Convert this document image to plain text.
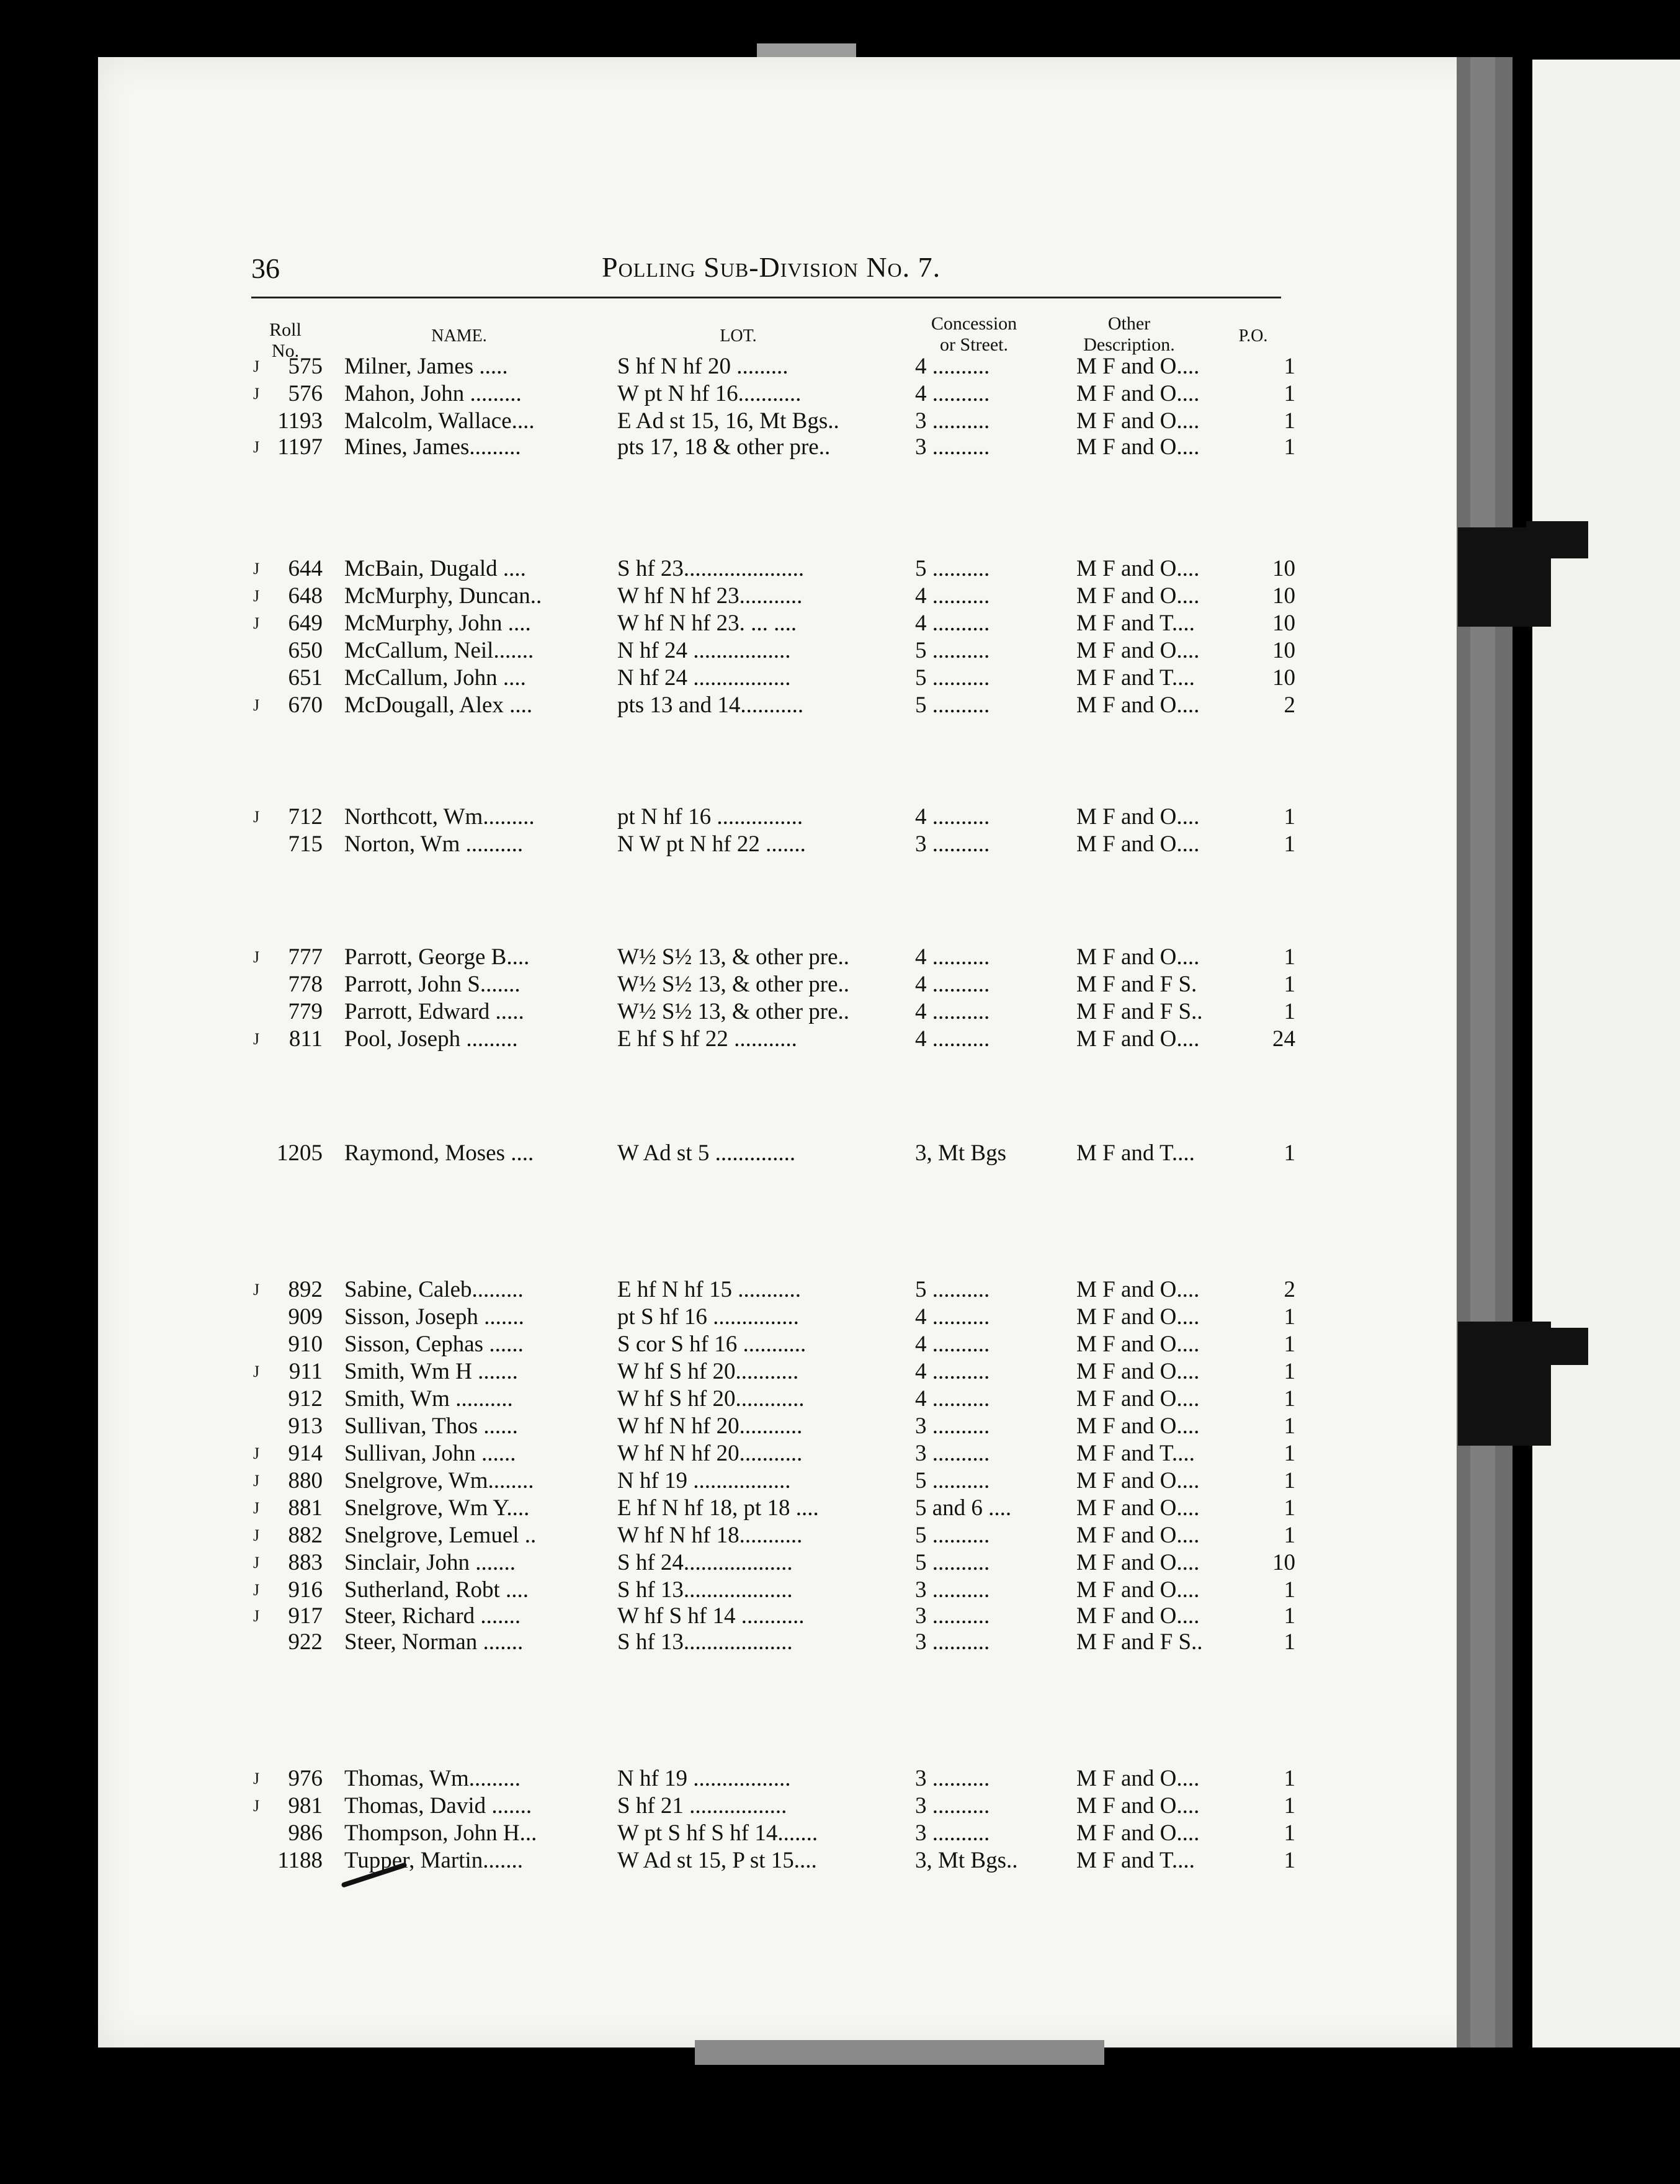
36	Polling Sub-Division No. 7.
Roll
No.
NAME.	LOT.
Concession
or Street.
Other
Description.	P.O.
J	575 Milner, James .....	S hf N hf 20 .........	4 ..........	M F and O....	1
J	576 Mahon, John .........	W pt N hf 16...........	4 ..........	M F and O....	1
1193 Malcolm, Wallace....	E Ad st 15, 16, Mt Bgs..	3 ..........	M F and O....	1
J 1197 Mines, James.........	pts 17, 18 & other pre..	3 ..........	M F and O....	1
J	644 McBain, Dugald ....	S hf 23.....................	5 ..........	M F and O....	10
J	648 McMurphy, Duncan..	W hf N hf 23...........	4 ..........	M F and O....	10
J	649 McMurphy, John ....	W hf N hf 23. ... ....	4 ..........	M F and T....	10
650 McCallum, Neil.......	N hf 24 .................	5 ..........	M F and O....	10
651 McCallum, John ....	N hf 24 .................	5 ..........	M F and T....	10
J	670 McDougall, Alex ....	pts 13 and 14...........	5 ..........	M F and O....	2
J	712 Northcott, Wm.........	pt N hf 16 ...............	4 ..........	M F and O....	1
715 Norton, Wm ..........	N W pt N hf 22 .......	3 ..........	M F and O....	1
J	777 Parrott, George B....	W½ S½ 13, & other pre..	4 ..........	M F and O....	1
778 Parrott, John S.......	W½ S½ 13, & other pre..	4 ..........	M F and F S.	1
779 Parrott, Edward .....	W½ S½ 13, & other pre..	4 ..........	M F and F S..	1
J	811 Pool, Joseph .........	E hf S hf 22 ...........	4 ..........	M F and O....	24
1205 Raymond, Moses ....	W Ad st 5 ..............	3, Mt Bgs	M F and T....	1
J	892 Sabine, Caleb.........	E hf N hf 15 ...........	5 ..........	M F and O....	2
909 Sisson, Joseph .......	pt S hf 16 ...............	4 ..........	M F and O....	1
910 Sisson, Cephas ......	S cor S hf 16 ...........	4 ..........	M F and O....	1
J	911 Smith, Wm H .......	W hf S hf 20...........	4 ..........	M F and O....	1
912 Smith, Wm ..........	W hf S hf 20............	4 ..........	M F and O....	1
913 Sullivan, Thos ......	W hf N hf 20...........	3 ..........	M F and O....	1
J	914 Sullivan, John ......	W hf N hf 20...........	3 ..........	M F and T....	1
J	880 Snelgrove, Wm........	N hf 19 .................	5 ..........	M F and O....	1
J	881 Snelgrove, Wm Y....	E hf N hf 18, pt 18 ....	5 and 6 ....	M F and O....	1
J	882 Snelgrove, Lemuel ..	W hf N hf 18...........	5 ..........	M F and O....	1
J	883 Sinclair, John .......	S hf 24...................	5 ..........	M F and O....	10
J	916 Sutherland, Robt ....	S hf 13...................	3 ..........	M F and O....	1
J	917 Steer, Richard .......	W hf S hf 14 ...........	3 ..........	M F and O....	1
922 Steer, Norman .......	S hf 13...................	3 ..........	M F and F S..	1
J	976 Thomas, Wm.........	N hf 19 .................	3 ..........	M F and O....	1
J	981 Thomas, David .......	S hf 21 .................	3 ..........	M F and O....	1
986 Thompson, John H...	W pt S hf S hf 14.......	3 ..........	M F and O....	1
1188 Tupper, Martin.......	W Ad st 15, P st 15....	3, Mt Bgs..	M F and T....	1
